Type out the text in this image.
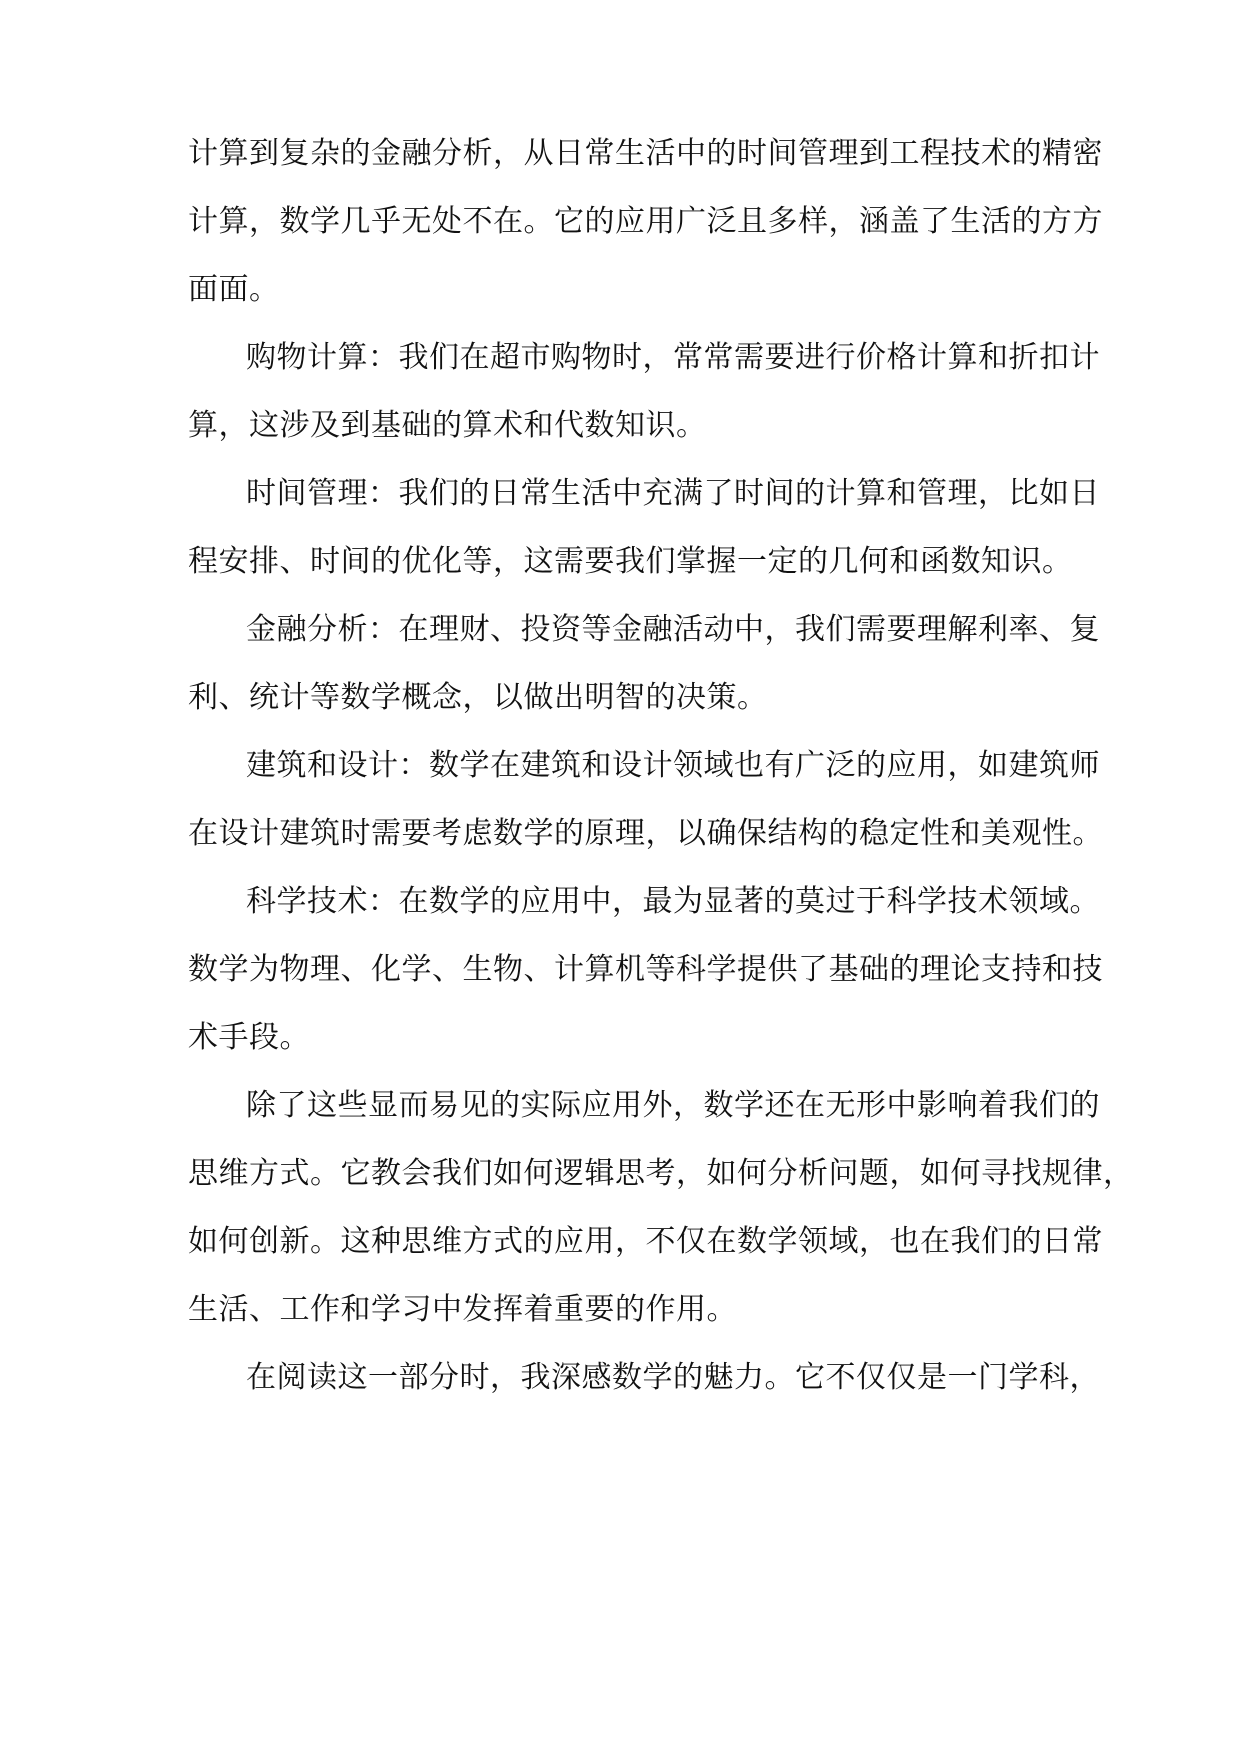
计算到复杂的金融分析，从日常生活中的时间管理到工程技术的精密
计算，数学几乎无处不在。它的应用广泛且多样，涵盖了生活的方方
面面。
购物计算：我们在超市购物时，常常需要进行价格计算和折扣计
算，这涉及到基础的算术和代数知识。
时间管理：我们的日常生活中充满了时间的计算和管理，比如日
程安排、时间的优化等，这需要我们掌握一定的几何和函数知识。
金融分析：在理财、投资等金融活动中，我们需要理解利率、复
利、统计等数学概念，以做出明智的决策。
建筑和设计：数学在建筑和设计领域也有广泛的应用，如建筑师
在设计建筑时需要考虑数学的原理，以确保结构的稳定性和美观性。
科学技术：在数学的应用中，最为显著的莫过于科学技术领域。
数学为物理、化学、生物、计算机等科学提供了基础的理论支持和技
术手段。
除了这些显而易见的实际应用外，数学还在无形中影响着我们的
思维方式。它教会我们如何逻辑思考，如何分析问题，如何寻找规律，
如何创新。这种思维方式的应用，不仅在数学领域，也在我们的日常
生活、工作和学习中发挥着重要的作用。
在阅读这一部分时，我深感数学的魅力。它不仅仅是一门学科，
